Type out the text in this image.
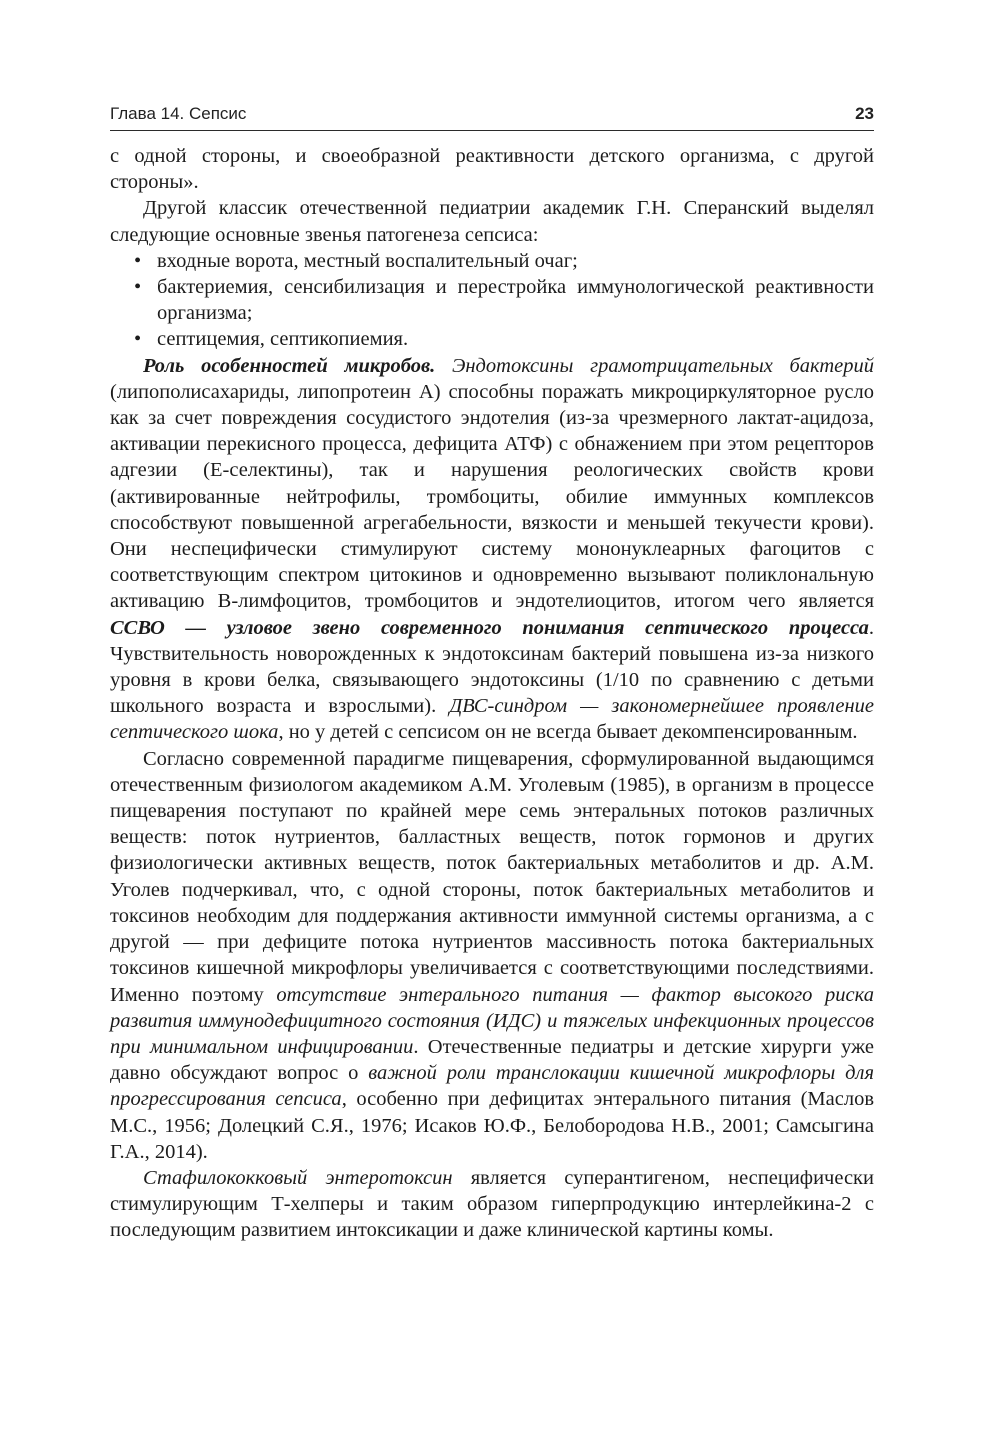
Глава 14. Сепсис	23

с одной стороны, и своеобразной реактивности детского организма, с другой стороны».

Другой классик отечественной педиатрии академик Г.Н. Сперанский выделял следующие основные звенья патогенеза сепсиса:

• входные ворота, местный воспалительный очаг;
• бактериемия, сенсибилизация и перестройка иммунологической реактивности организма;
• септицемия, септикопиемия.

Роль особенностей микробов. Эндотоксины грамотрицательных бактерий (липополисахариды, липопротеин А) способны поражать микроциркуляторное русло как за счет повреждения сосудистого эндотелия (из-за чрезмерного лактат-ацидоза, активации перекисного процесса, дефицита АТФ) с обнажением при этом рецепторов адгезии (Е-селектины), так и нарушения реологических свойств крови (активированные нейтрофилы, тромбоциты, обилие иммунных комплексов способствуют повышенной агрегабельности, вязкости и меньшей текучести крови). Они неспецифически стимулируют систему мононуклеарных фагоцитов с соответствующим спектром цитокинов и одновременно вызывают поликлональную активацию В-лимфоцитов, тромбоцитов и эндотелиоцитов, итогом чего является ССВО — узловое звено современного понимания септического процесса. Чувствительность новорожденных к эндотоксинам бактерий повышена из-за низкого уровня в крови белка, связывающего эндотоксины (1/10 по сравнению с детьми школьного возраста и взрослыми). ДВС-синдром — закономернейшее проявление септического шока, но у детей с сепсисом он не всегда бывает декомпенсированным.

Согласно современной парадигме пищеварения, сформулированной выдающимся отечественным физиологом академиком А.М. Уголевым (1985), в организм в процессе пищеварения поступают по крайней мере семь энтеральных потоков различных веществ: поток нутриентов, балластных веществ, поток гормонов и других физиологически активных веществ, поток бактериальных метаболитов и др. А.М. Уголев подчеркивал, что, с одной стороны, поток бактериальных метаболитов и токсинов необходим для поддержания активности иммунной системы организма, а с другой — при дефиците потока нутриентов массивность потока бактериальных токсинов кишечной микрофлоры увеличивается с соответствующими последствиями. Именно поэтому отсутствие энтерального питания — фактор высокого риска развития иммунодефицитного состояния (ИДС) и тяжелых инфекционных процессов при минимальном инфицировании. Отечественные педиатры и детские хирурги уже давно обсуждают вопрос о важной роли транслокации кишечной микрофлоры для прогрессирования сепсиса, особенно при дефицитах энтерального питания (Маслов М.С., 1956; Долецкий С.Я., 1976; Исаков Ю.Ф., Белобородова Н.В., 2001; Самсыгина Г.А., 2014).

Стафилококковый энтеротоксин является суперантигеном, неспецифически стимулирующим Т-хелперы и таким образом гиперпродукцию интерлейкина-2 с последующим развитием интоксикации и даже клинической картины комы.
